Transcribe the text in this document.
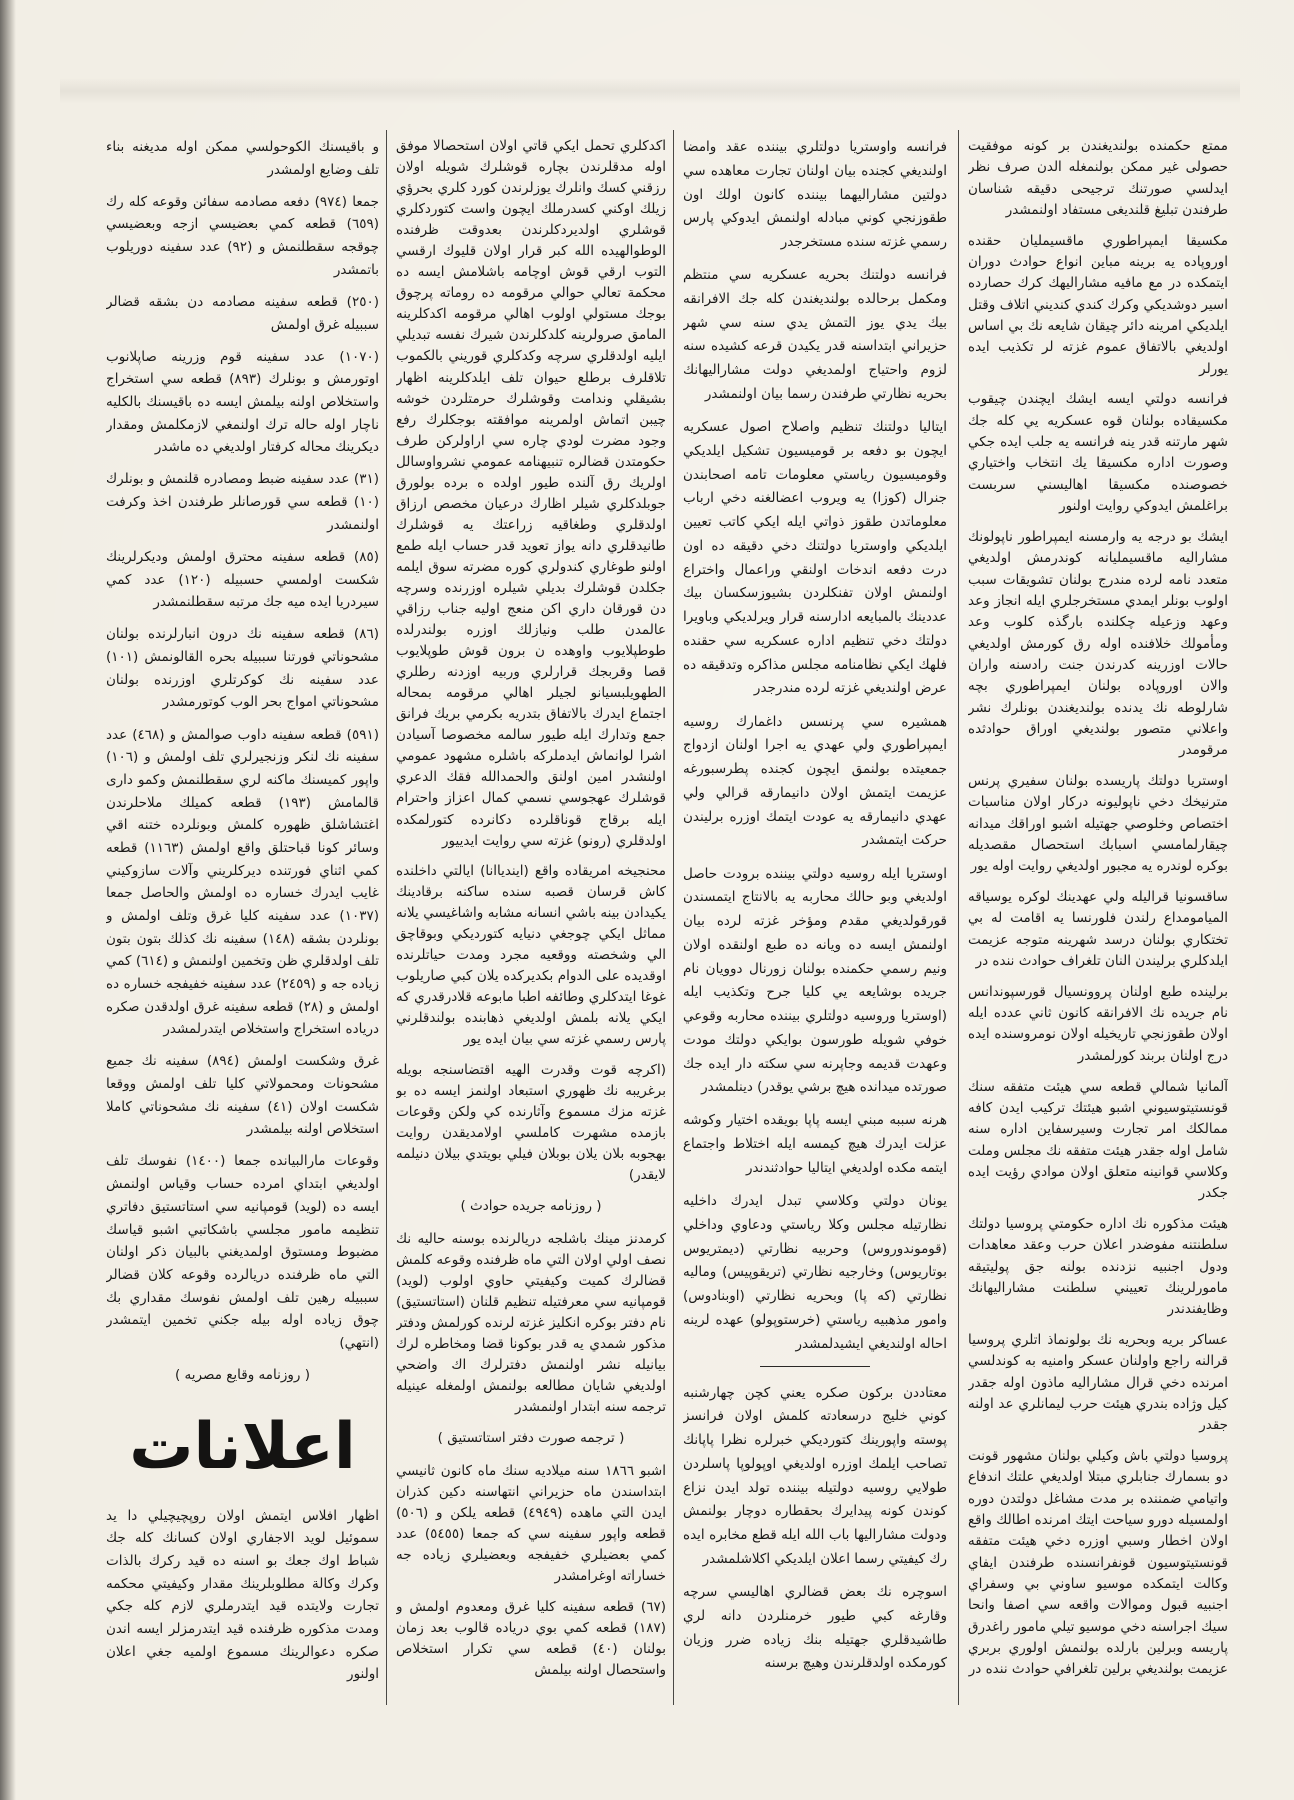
ممتع حكمنده بولنديغندن بر كونه موفقيت حصولى غير ممكن بولنمغله الدن صرف نظر ايدلسي صورتنك ترجيحى دقيقه شناسان طرفندن تبليغ قلنديغى مستفاد اولنمشدر

مكسيقا ايمپراطوري ماقسيمليان حقنده اوروپاده يه برينه مباين انواع حوادث دوران ايتمكده در مع مافيه مشاراليهك كرك حصارده اسير دوشديكي وكرك كندي كنديني اتلاف وقتل ايلديكي امرينه دائر چيقان شايعه نك بي اساس اولديغي بالاتفاق عموم غزته لر تكذيب ايده يورلر

فرانسه دولتي ايسه ايشك ايچندن چيقوب مكسيقاده بولنان قوه عسكريه يي كله جك شهر مارتنه قدر ينه فرانسه يه جلب ايده جكي وصورت اداره مكسيقا يك انتخاب واختياري خصوصنده مكسيقا اهاليسني سربست براغلمش ايدوكي روايت اولنور

ايشك بو درجه يه وارمسنه ايمپراطور ناپولونك مشاراليه ماقسيمليانه كوندرمش اولديغي متعدد نامه لرده مندرج بولنان تشويقات سبب اولوب بونلر ايمدي مستخرجلري ايله انجاز وعد وعهد وزعيله چكلنده بارگذه كلوب وعد ومأمولك خلافنده اوله رق كورمش اولديغي حالات اوزرينه كدرندن جنت رادسنه واران والان اوروپاده بولنان ايمپراطوري بچه شارلوطه نك يدنده بولنديغندن بونلرك نشر واعلاني متصور بولنديغي اوراق حوادثده مرقومدر

اوستريا دولتك پاريسده بولنان سفيري پرنس مترنيخك دخي ناپوليونه دركار اولان مناسبات اختصاص وخلوصي جهتيله اشبو اوراقك ميدانه چيقارلمامسي اسبابك استحصال مقصديله بوكره لوندره يه مجبور اولديغي روايت اوله يور

ساقسونيا قراليله ولي عهدينك لوكره يوسياقه الميامومداع رلندن فلورنسا يه اقامت له بي تختكاري بولنان درسد شهرينه متوجه عزيمت ايلدكلري برليندن النان تلغراف حوادث ننده در

برلينده طبع اولنان پروونسيال قورسپوندانس نام جريده نك الافرانقه كانون ثاني عدده ايله اولان طقوزنجي تاريخيله اولان نومروسنده ايده درج اولنان بربند كورلمشدر

آلمانيا شمالي قطعه سي هيئت متفقه سنك قونستيتوسيوني اشبو هيئتك تركيب ايدن كافه ممالكك امر تجارت وسيرسفاين اداره سنه شامل اوله جقدر هيئت متفقه نك مجلس وملت وكلاسي قوانينه متعلق اولان موادي رؤيت ايده جكدر

هيئت مذكوره نك اداره حكومتي پروسيا دولتك سلطنتنه مفوضدر اعلان حرب وعقد معاهدات ودول اجنبيه نزدنده بولنه جق پوليتيقه مامورلرينك تعييني سلطنت مشاراليهانك وظايفندندر

عساكر بريه وبحريه نك بولونماذ اتلري پروسيا قرالنه راجع واولنان عسكر وامنيه به كوندلسي امرنده دخي قرال مشاراليه ماذون اوله جقدر كيل وژاده بندري هيئت حرب ليمانلري عد اولنه جقدر

پروسيا دولتي باش وكيلي بولنان مشهور قونت دو بسمارك جنابلري مبتلا اولديغي علتك اندفاع واتيامي ضمننده بر مدت مشاغل دولتدن دوره اولمسيله دورو سياحت ايتك امرنده اطالك واقع اولان اخطار وسبي اوزره دخي هيئت متفقه قونستيتوسيون قونفرانسنده طرفندن ايفاي وكالت ايتمكده موسيو ساوني بي وسفراي اجنبيه قبول وموالات واقعه سي اصفا وانحا سيك اجراسنه دخي موسيو تيلي مامور راغدرق پاريسه وبرلين بارلده بولنمش اولوري بربري عزيمت بولنديغي برلين تلغرافي حوادث ننده در

فرانسه واوستريا دولتلري بيننده عقد وامضا اولنديغي كجنده بيان اولنان تجارت معاهده سي دولتين مشاراليهما بيننده كانون اولك اون طقوزنجي كوني مبادله اولنمش ايدوكي پارس رسمي غزته سنده مستخرجدر

فرانسه دولتنك بحريه عسكريه سي منتظم ومكمل برحالده بولنديغندن كله جك الافرانقه بيك يدي يوز التمش يدي سنه سي شهر حزيراني ابتداسنه قدر يكيدن قرعه كشيده سنه لزوم واحتياج اولمديغي دولت مشاراليهانك بحريه نظارتي طرفندن رسما بيان اولنمشدر

ايتاليا دولتنك تنظيم واصلاح اصول عسكريه ايچون بو دفعه بر قوميسيون تشكيل ايلديكي وقوميسيون رياستي معلومات تامه اصحابندن جنرال (كوزا) يه ويروب اعضالغنه دخي ارباب معلوماتدن طقوز ذواتي ايله ايكي كاتب تعيين ايلديكي واوستريا دولتنك دخي دقيقه ده اون درت دفعه اندخات اولنقي وراعمال واختراع اولنمش اولان تفنكلردن بشيوزسكسان بيك عددينك بالمبايعه ادارسنه قرار ويرلديكي وباويرا دولتك دخي تنظيم اداره عسكريه سي حقنده فلهك ايكي نظامنامه مجلس مذاكره وتدقيقه ده عرض اولنديغي غزته لرده مندرجدر

همشيره سي پرنسس داغمارك روسيه ايمپراطوري ولي عهدي يه اجرا اولنان ازدواج جمعيتده بولنمق ايچون كجنده پطرسبورغه عزيمت ايتمش اولان دانيمارقه قرالي ولي عهدي دانيمارقه يه عودت ايتمك اوزره برليندن حركت ايتمشدر

اوستريا ايله روسيه دولتي بيننده برودت حاصل اولديغي وبو حالك محاربه يه بالانتاج ايتمسندن قورقولديغي مقدم ومؤخر غزته لرده بيان اولنمش ايسه ده ويانه ده طبع اولنقده اولان ونيم رسمي حكمنده بولنان زورنال دوويان نام جريده بوشايعه يي كليا جرح وتكذيب ايله (اوستريا وروسيه دولتلري بيننده محاربه وقوعي خوفي شويله طورسون بوايكي دولتك مودت وعهدت قديمه وجاپرنه سي سكته دار ايده جك صورتده ميدانده هيچ برشي يوقدر) دينلمشدر

هرنه سببه مبني ايسه پاپا بويقده اختيار وكوشه عزلت ايدرك هيچ كيمسه ايله اختلاط واجتماع ايتمه مكده اولديغي ايتاليا حوادثندندر

يونان دولتي وكلاسي تبدل ايدرك داخليه نظارتيله مجلس وكلا رياستي ودعاوي وداخلي (قوموندوروس) وحربيه نظارتي (ديمتريوس بوتاريوس) وخارجيه نظارتي (تريقوپيس) وماليه نظارتي (كه پا) وبحريه نظارتي (اوبنادوس) وامور مذهبيه رياستي (خرستوپولو) عهده لرينه احاله اولنديغي ايشيدلمشدر

معتاددن بركون صكره يعني كچن چهارشنبه كوني خليج درسعادته كلمش اولان فرانسز پوسته واپورينك كتورديكي خبرلره نظرا پاپانك تصاحب ايلمك اوزره اولديغي اوپولوپا پاسلردن طولايي روسيه دولتيله بيننده تولد ايدن نزاع كوندن كونه پيدايرك بحقطاره دوچار بولنمش ودولت مشاراليها باب الله ايله قطع مخابره ايده رك كيفيتي رسما اعلان ايلديكي اكلاشلمشدر

اسوچره نك بعض قضالري اهاليسي سرچه وقارغه كبي طيور خرمنلردن دانه لري طاشيدقلري جهتيله بنك زياده ضرر وزيان كورمكده اولدقلرندن وهيچ برسنه

اكدكلري تحمل ايكي قاتي اولان استحصالا موفق اوله مدقلرندن بچاره قوشلرك شويله اولان رزقني كسك وانلرك يوزلرندن كورد كلري بحرؤي زيلك اوكني كسدرملك ايچون واست كتوردكلري قوشلري اولديردكلرندن بعدوقت ظرفنده الوطوالهيده الله كبر قرار اولان قليوك ارقسي التوب ارقي قوش اوچامه باشلامش ايسه ده محكمة تعالي حوالي مرقومه ده روماته پرچوق بوجك مستولي اولوب اهالي مرقومه اكدكلرينه المامق صرولرينه كلدكلرندن شيرك نفسه تبديلي ايليه اولدقلري سرچه وكدكلري قوريني بالكموب تلاقلرف برطلع حيوان تلف ايلدكلرينه اظهار بشيقلي وندامت وقوشلرك حرمتلردن خوشه چيبن اتماش اولمرينه موافقته بوجكلرك رفع وجود مضرت لودي چاره سي اراولركن طرف حكومتدن قضالره تنبيهنامه عمومي نشرواوسالل اولريك رق آلنده طيور اولده ه برده بولورق جوبلدكلري شيلر اظارك درعيان مخصص ارزاق اولدقلري وطغاقيه زراعتك يه قوشلرك طانيدقلري دانه يواز تعويد قدر حساب ايله طمع اولنو طوغاري كندولري كوره مضرته سوق ايلمه جكلدن قوشلرك بديلي شيلره اوزرنده وسرچه دن قورقان داري اكن منعج اوليه جناب رزاقي عالمدن طلب ونيازلك اوزره بولندرلده طوطپلايوب واوهده ن برون قوش طوپلايوب قصا وقربجك قرارلري وربيه اوزدنه رطلري الطهويلبسيانو لجيلر اهالي مرقومه بمحاله اجتماع ايدرك بالاتفاق بتدريه بكرمي بريك فرانق جمع وتدارك ايله طيور سالمه مخصوصا آسيادن اشرا لوانماش ايدملركه باشلره مشهود عمومي اولنشدر امين اولنق والحمدالله فقك الدعري قوشلرك عهجوسي نسمي كمال اعزاز واحترام ايله برقاج قوناقلرده دكانرده كتورلمكده اولدقلري (رونو) غزته سي روايت ايدييور

محنجيخه امريقاده واقع (ايندياانا) ايالتي داخلنده كاش قرسان قصبه سنده ساكنه برقادينك يكيدادن بينه باشي انسانه مشابه واشاغيسي يلانه مماثل ايكي چوجغي دنيايه كتورديكي وبوقاچق الي وشخصته ووقعيه مجرد ومدت حياتلرنده اوقديده على الدوام بكديركده يلان كبي صاريلوب غوغا ايتدكلري وطائفه اطبا مابوعه قلادرقدري كه ايكي يلانه بلمش اولديغي ذهابنده بولندقلرني پارس رسمي غزته سي بيان ايده يور

(اكرچه قوت وقدرت الهيه اقتضاسنجه بويله برغريبه نك ظهوري استبعاد اولنمز ايسه ده بو غزته مزك مسموع وآثارنده كي ولكن وقوعات بازمده مشهرت كاملسي اولامديقدن روايت بهجوبه بلان يلان بوبلان فيلي بويتدي بيلان دنيلمه لايقدر)

( روزنامه جريده حوادث )

كرمدنز مينك باشلجه دريالرنده بوسنه حاليه نك نصف اولي اولان التي ماه ظرفنده وقوعه كلمش قضالرك كميت وكيفيتي حاوي اولوب (لويد) قومپانيه سي معرفتيله تنظيم قلنان (استاتستيق) نام دفتر بوكره انكليز غزته لرنده كورلمش ودفتر مذكور شمدي يه قدر بوكونا قضا ومخاطره لرك بيانيله نشر اولنمش دفترلرك اك واضحي اولديغي شايان مطالعه بولنمش اولمغله عينيله ترجمه سنه ابتدار اولنمشدر

( ترجمه صورت دفتر استاتستيق )

اشبو ١٨٦٦ سنه ميلاديه سنك ماه كانون ثانيسي ابتداسندن ماه حزيراني انتهاسنه دكين كذران ايدن التي ماهده (٤٩٤٩) قطعه يلكن و (٥٠٦) قطعه واپور سفينه سي كه جمعا (٥٤٥٥) عدد كمي بعضيلري خفيفجه وبعضيلري زياده جه خساراته اوغرامشدر

(٦٧) قطعه سفينه كليا غرق ومعدوم اولمش و (١٨٧) قطعه كمي بوي درياده قالوب بعد زمان بولنان (٤٠) قطعه سي تكرار استخلاص واستحصال اولنه بيلمش

و باقيسنك الكوحولسي ممكن اوله مديغنه بناء تلف وضايع اولمشدر

جمعا (٩٧٤) دفعه مصادمه سفائن وقوعه كله رك (٦٥٩) قطعه كمي بعضيسي ازجه وبعضيسي چوقجه سقطلنمش و (٩٢) عدد سفينه دوريلوب باتمشدر

(٢٥٠) قطعه سفينه مصادمه دن بشقه قضالر سببيله غرق اولمش

(١٠٧٠) عدد سفينه قوم وزرينه صاپلانوب اوتورمش و بونلرك (٨٩٣) قطعه سي استخراج واستخلاص اولنه بيلمش ايسه ده باقيسنك بالكليه ناچار اوله حاله ترك اولنمغي لازمكلمش ومقدار ديكرينك محاله كرفتار اولديغي ده ماشدر

(٣١) عدد سفينه ضبط ومصادره قلنمش و بونلرك (١٠) قطعه سي قورصانلر طرفندن اخذ وكرفت اولنمشدر

(٨٥) قطعه سفينه محترق اولمش وديكرلرينك شكست اولمسي حسبيله (١٢٠) عدد كمي سيردريا ايده ميه جك مرتبه سقطلنمشدر

(٨٦) قطعه سفينه نك درون انبارلرنده بولنان مشحوناتي فورتنا سببيله بحره القالونمش (١٠١) عدد سفينه نك كوكرتلري اوزرنده بولنان مشحوناتي امواج بحر الوب كوتورمشدر

(٥٩١) قطعه سفينه داوب صوالمش و (٤٦٨) عدد سفينه نك لنكر وزنجيرلري تلف اولمش و (١٠٦) واپور كميسنك ماكنه لري سقطلنمش وكمو دارى قالمامش (١٩٣) قطعه كميلك ملاحلرندن اغتشاشلق ظهوره كلمش وبونلرده ختنه اقي وسائر كونا قباحتلق واقع اولمش (١١٦٣) قطعه كمي اثناي فورتنده ديركلريني وآلات سازوكيني غايب ايدرك خساره ده اولمش والحاصل جمعا (١٠٣٧) عدد سفينه كليا غرق وتلف اولمش و بونلردن بشقه (١٤٨) سفينه نك كذلك بتون بتون تلف اولدقلري ظن وتخمين اولنمش و (٦١٤) كمي زياده جه و (٢٤٥٩) عدد سفينه خفيفجه خساره ده اولمش و (٢٨) قطعه سفينه غرق اولدقدن صكره درياده استخراج واستخلاص ايتدرلمشدر

غرق وشكست اولمش (٨٩٤) سفينه نك جميع مشحونات ومحمولاتي كليا تلف اولمش ووقعا شكست اولان (٤١) سفينه نك مشحوناتي كاملا استخلاص اولنه بيلمشدر

وقوعات مارالبيانده جمعا (١٤٠٠) نفوسك تلف اولديغي ابتداي امرده حساب وقياس اولنمش ايسه ده (لويد) قومپانيه سي استاتستيق دفاتري تنظيمه مامور مجلسي باشكاتبي اشبو قياسك مضبوط ومستوق اولمديغني بالبيان ذكر اولنان التي ماه ظرفنده دريالرده وقوعه كلان قضالر سببيله رهين تلف اولمش نفوسك مقداري بك چوق زياده اوله بيله جكني تخمين ايتمشدر (انتهي)

( روزنامه وقايع مصريه )
اعلانات

اظهار افلاس ايتمش اولان روپچيچيلي دا يد سموئيل لويد الاجفاري اولان كسانك كله جك شباط اوك جعك بو اسنه ده قيد ركرك بالذات وكرك وكالة مطلوبلرينك مقدار وكيفيتي محكمه تجارت ولايتده قيد ايتدرملري لازم كله جكي ومدت مذكوره ظرفنده قيد ايتدرمزلر ايسه اندن صكره دعوالرينك مسموع اولميه جغي اعلان اولنور
